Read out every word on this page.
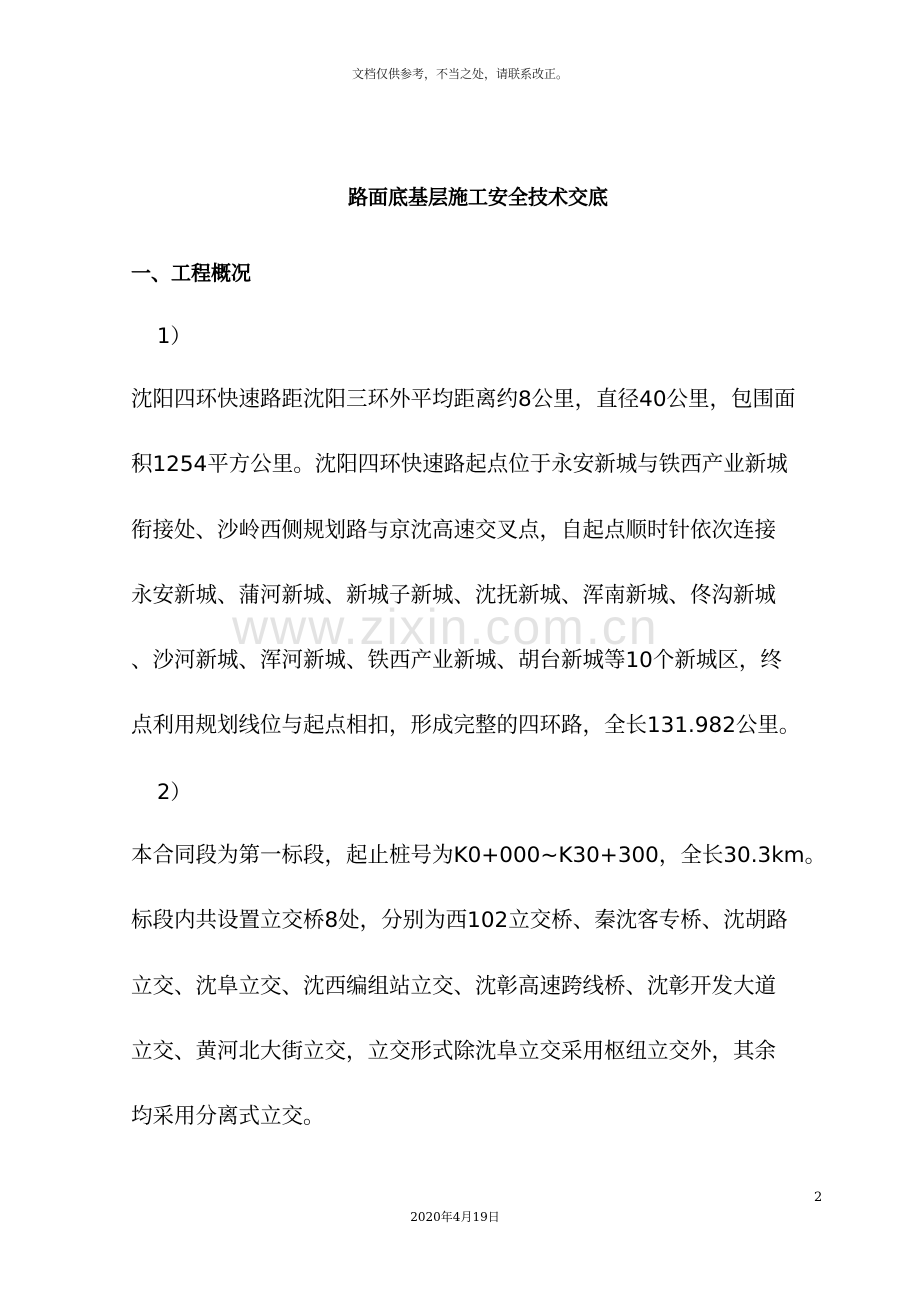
文档仅供参考，不当之处，请联系改正。
路面底基层施工安全技术交底
一、工程概况
1）
沈阳四环快速路距沈阳三环外平均距离约8公里，直径40公里，包围面
积1254平方公里。沈阳四环快速路起点位于永安新城与铁西产业新城
衔接处、沙岭西侧规划路与京沈高速交叉点，自起点顺时针依次连接
永安新城、蒲河新城、新城子新城、沈抚新城、浑南新城、佟沟新城
、沙河新城、浑河新城、铁西产业新城、胡台新城等10个新城区，终
点利用规划线位与起点相扣，形成完整的四环路，全长131.982公里。
2）
本合同段为第一标段，起止桩号为K0+000~K30+300，全长30.3km。
标段内共设置立交桥8处，分别为西102立交桥、秦沈客专桥、沈胡路
立交、沈阜立交、沈西编组站立交、沈彰高速跨线桥、沈彰开发大道
立交、黄河北大街立交，立交形式除沈阜立交采用枢纽立交外，其余
均采用分离式立交。
www.zixin.com.cn
2
2020年4月19日
